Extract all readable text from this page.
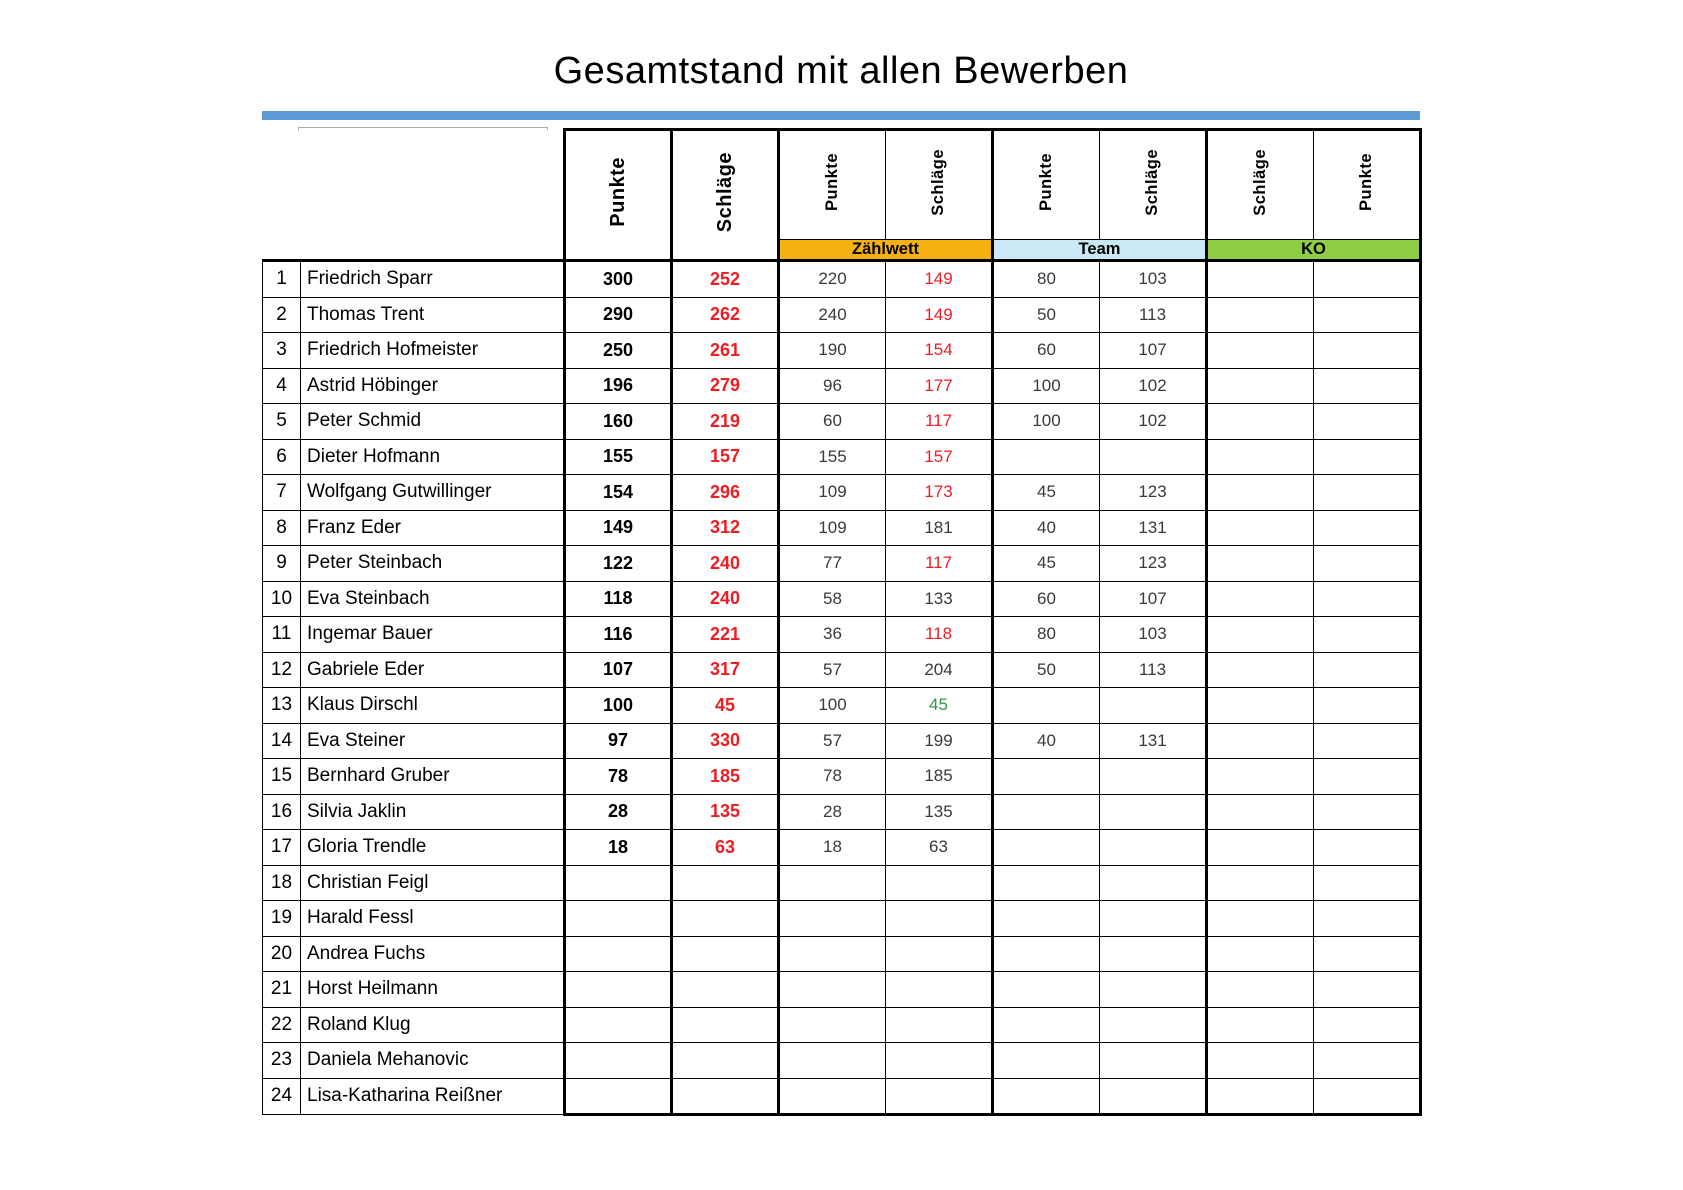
Gesamtstand mit allen Bewerben
		Punkte	Schläge	Punkte	Schläge	Punkte	Schläge	Schläge	Punkte
				Zählwett		Team		KO	
1	Friedrich Sparr	300	252	220	149	80	103		
2	Thomas Trent	290	262	240	149	50	113		
3	Friedrich Hofmeister	250	261	190	154	60	107		
4	Astrid Höbinger	196	279	96	177	100	102		
5	Peter Schmid	160	219	60	117	100	102		
6	Dieter Hofmann	155	157	155	157				
7	Wolfgang Gutwillinger	154	296	109	173	45	123		
8	Franz Eder	149	312	109	181	40	131		
9	Peter Steinbach	122	240	77	117	45	123		
10	Eva Steinbach	118	240	58	133	60	107		
11	Ingemar Bauer	116	221	36	118	80	103		
12	Gabriele Eder	107	317	57	204	50	113		
13	Klaus Dirschl	100	45	100	45				
14	Eva Steiner	97	330	57	199	40	131		
15	Bernhard Gruber	78	185	78	185				
16	Silvia Jaklin	28	135	28	135				
17	Gloria Trendle	18	63	18	63				
18	Christian Feigl								
19	Harald Fessl								
20	Andrea Fuchs								
21	Horst Heilmann								
22	Roland Klug								
23	Daniela Mehanovic								
24	Lisa-Katharina Reißner								
